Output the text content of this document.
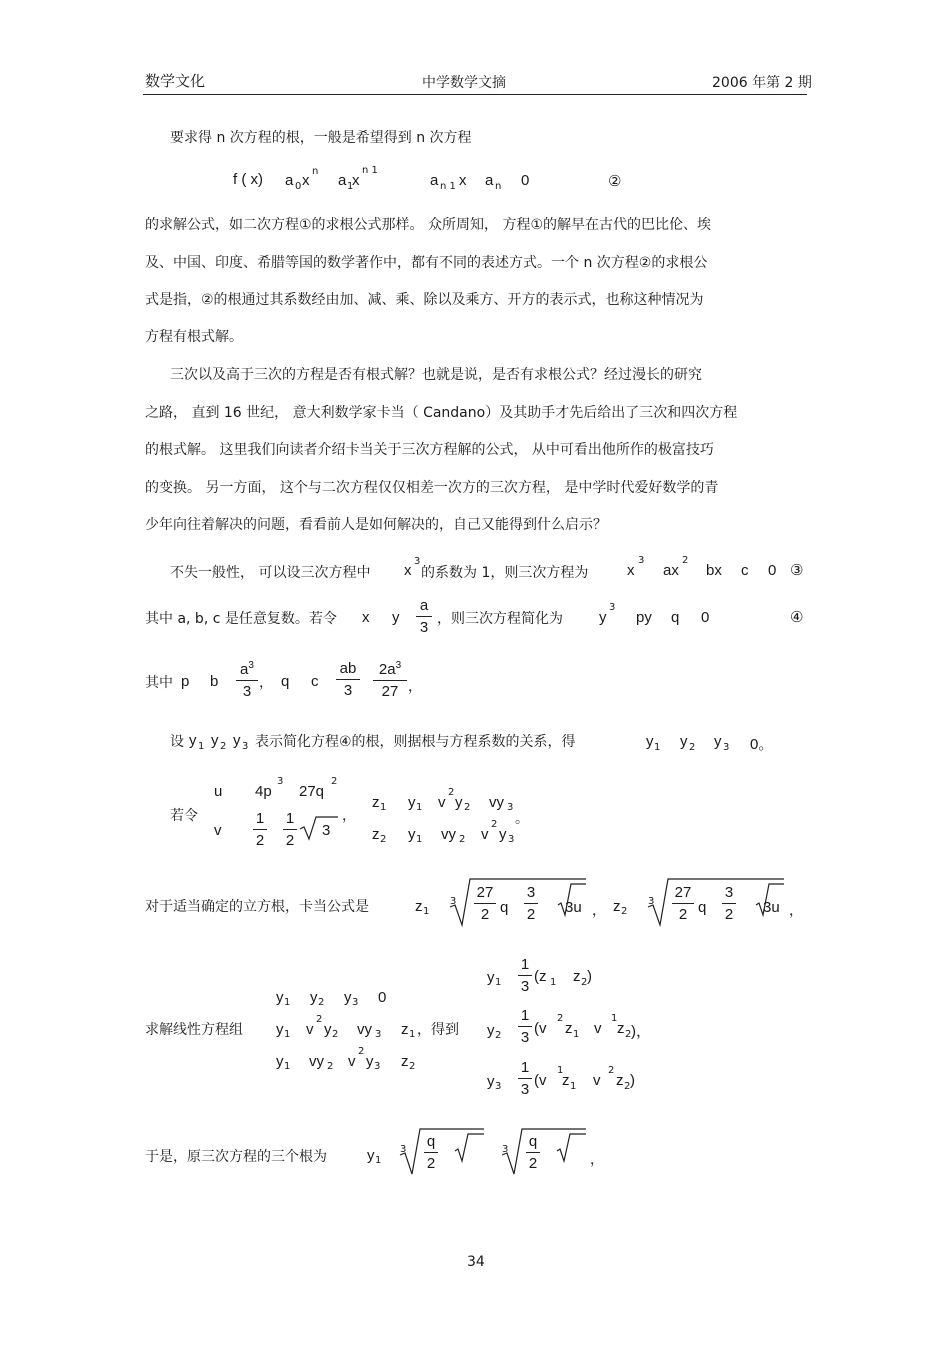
数学文化	中学数学文摘	2006 年第 2 期
要求得 n 次方程的根，一般是希望得到 n 次方程
f ( x) a 0 x
n
a 1
x
n 1
a n 1 x a n 0	②
的求解公式，如二次方程①的求根公式那样。 众所周知， 方程①的解早在古代的巴比伦、埃
及、中国、印度、希腊等国的数学著作中，都有不同的表述方式。一个 n 次方程②的求根公
式是指，②的根通过其系数经由加、减、乘、除以及乘方、开方的表示式，也称这种情况为
方程有根式解。
三次以及高于三次的方程是否有根式解？也就是说，是否有求根公式？经过漫长的研究
之路， 直到 16 世纪， 意大利数学家卡当（ Candano）及其助手才先后给出了三次和四次方程
的根式解。 这里我们向读者介绍卡当关于三次方程解的公式， 从中可看出他所作的极富技巧
的变换。 另一方面， 这个与二次方程仅仅相差一次方的三次方程， 是中学时代爱好数学的青
少年向往着解决的问题，看看前人是如何解决的，自己又能得到什么启示？
不失一般性， 可以设三次方程中 x
3
的系数为 1，则三次方程为	x
3
ax
2
bx c 0 ③
其中 a, b, c 是任意复数。若令 x y
a
3 ，则三次方程简化为 y
3
py q 0	④
其中 p b
$a^3$
3 ， q c
ab
3
$2a^3$
27 ，
设 y 1 y 2 y 3 表示简化方程④的根，则据根与方程系数的关系，得	y 1 y 2 y 3 0。
若令
u 4p
3
27q
2
v
1
2
1
2
3
，
z 1 y 1 v
2
y 2 vy 3
z 2 y 1 vy 2 v
2
y 3
。
对于适当确定的立方根，卡当公式是	z 1
3
27
2 q
3
2 3u ， z 2
3
27
2 q
3
2 3u ，
求解线性方程组
y 1 y 2 y 3 0
y 1 v
2
y 2 vy 3 z 1 ，得到
y 1 vy 2 v
2
y 3 z 2
y 1
1
3
(z 1 z 2 )
y 2
1
3
(v
2
z 1 v
1
z 2 )，
y 3
1
3
(v
1
z 1 v
2
z 2 )
于是，原三次方程的三个根为	y 1
3 q
2
3 q
2	，
34
